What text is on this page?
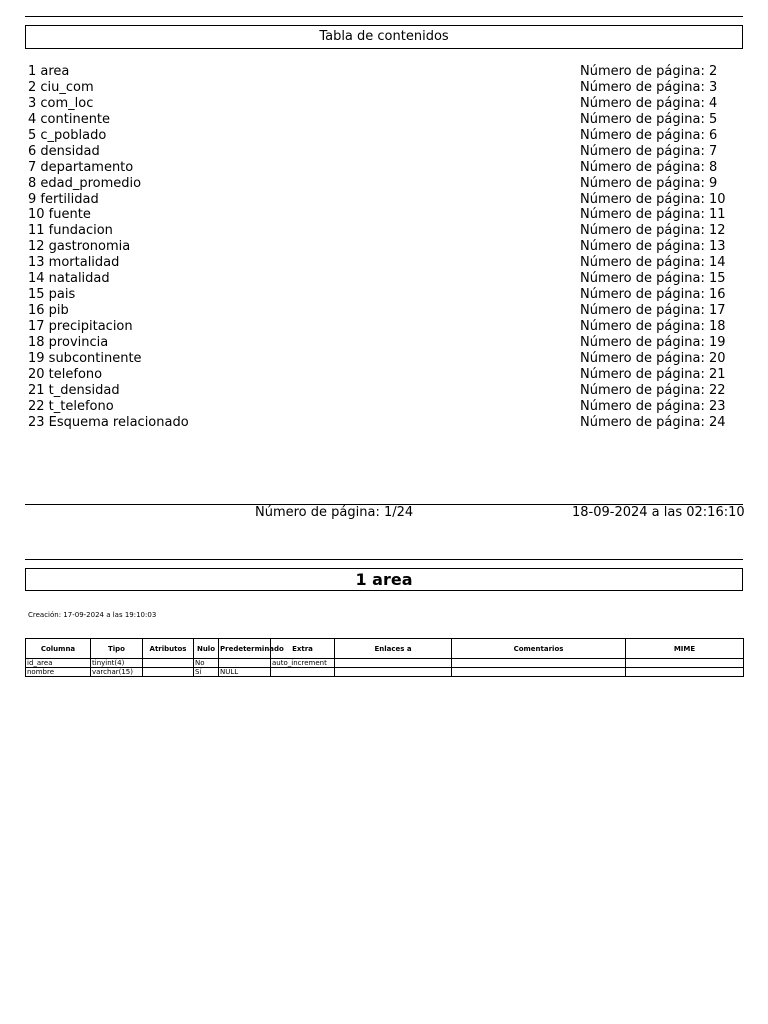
Tabla de contenidos
1 area	Número de página: 2
2 ciu_com	Número de página: 3
3 com_loc	Número de página: 4
4 continente	Número de página: 5
5 c_poblado	Número de página: 6
6 densidad	Número de página: 7
7 departamento	Número de página: 8
8 edad_promedio	Número de página: 9
9 fertilidad	Número de página: 10
10 fuente	Número de página: 11
11 fundacion	Número de página: 12
12 gastronomia	Número de página: 13
13 mortalidad	Número de página: 14
14 natalidad	Número de página: 15
15 pais	Número de página: 16
16 pib	Número de página: 17
17 precipitacion	Número de página: 18
18 provincia	Número de página: 19
19 subcontinente	Número de página: 20
20 telefono	Número de página: 21
21 t_densidad	Número de página: 22
22 t_telefono	Número de página: 23
23 Esquema relacionado	Número de página: 24
Número de página: 1/24	18-09-2024 a las 02:16:10
1 area
Creación: 17-09-2024 a las 19:10:03
Columna	Tipo	Atributos	Nulo	Predeterminado	Extra	Enlaces a	Comentarios	MIME
id_area	tinyint(4)		No		auto_increment			
nombre	varchar(15)		Sí	NULL				
